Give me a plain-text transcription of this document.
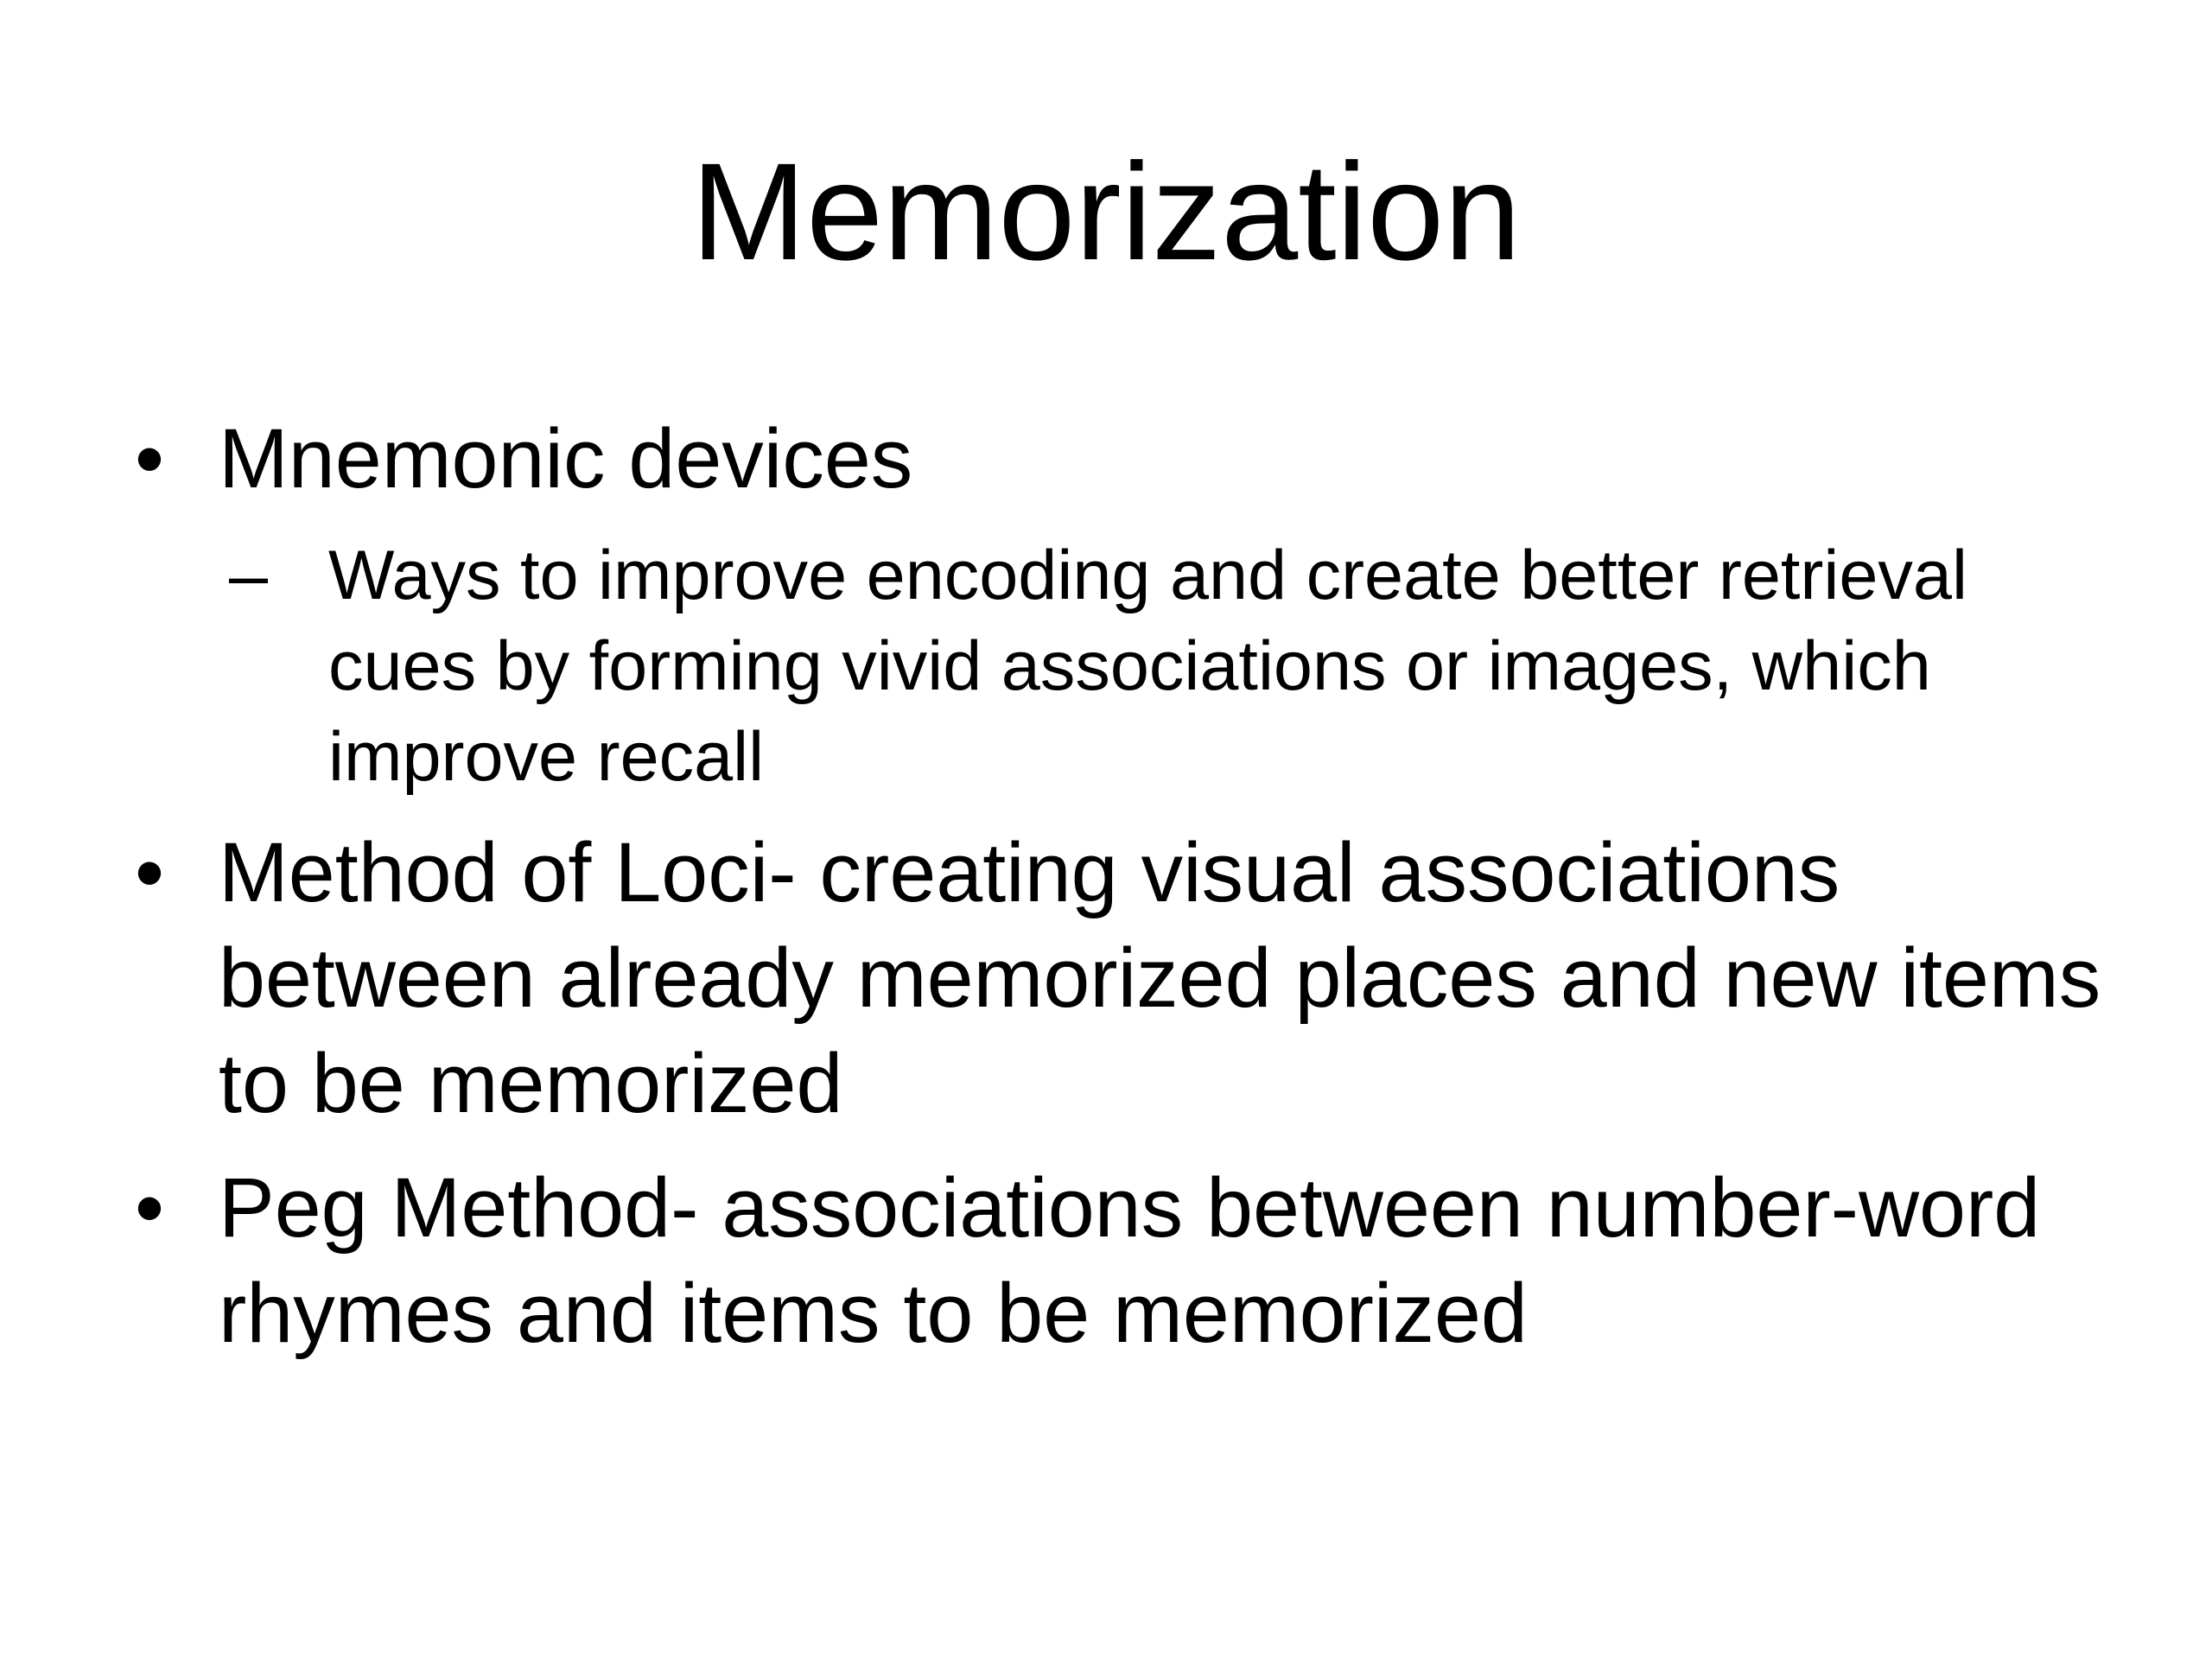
Memorization
• Mnemonic devices
– Ways to improve encoding and create better retrieval cues by forming vivid associations or images, which improve recall
• Method of Loci- creating visual associations between already memorized places and new items to be memorized
• Peg Method- associations between number-word rhymes and items to be memorized
